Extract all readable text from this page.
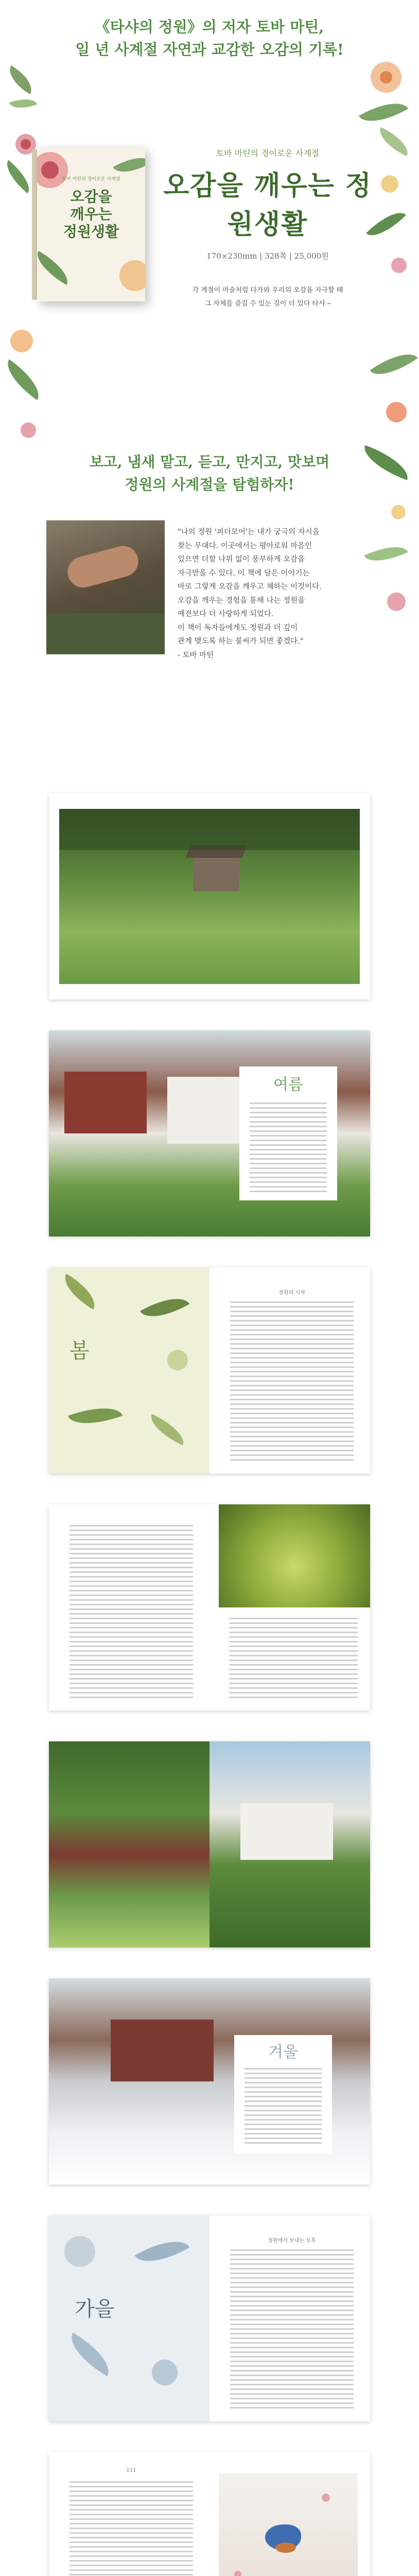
《타샤의 정원》의 저자 토바 마틴,
일 년 사계절 자연과 교감한 오감의 기록!
토바 마틴의 경이로운 사계절
오감을
깨우는
정원생활
토바 마틴의 경이로운 사계절
오감을 깨우는 정원생활
170×230mm | 328쪽 | 25,000원
각 계절이 마술처럼 다가와 우리의 오감을 자극할 때
그 자체를 즐길 수 있는 길이 더 있다 타샤 ⎯
보고, 냄새 맡고, 듣고, 만지고, 맛보며
정원의 사계절을 탐험하자!
"나의 정원 '퍼더모어'는 내가 궁극의 자시을
찾는 무대다. 이곳에서는 평아로워 마음인
있으면 더할 나위 없이 풍부하게 오감을
자극받을 수 있다. 이 책에 담은 이야기는
바로 그렇게 오감을 깨우고 체하는 이것이다.
오감을 깨우는 경험을 통해 나는 정원을
예전보다 더 사랑하게 되었다.
이 책이 독자들에게도 정원과 더 깊이
관계 맺도록 하는 불씨가 되면 좋겠다."
- 토바 마틴
여름
봄
정원의 시작
겨울
가을
정원에서 보내는 오후
111
